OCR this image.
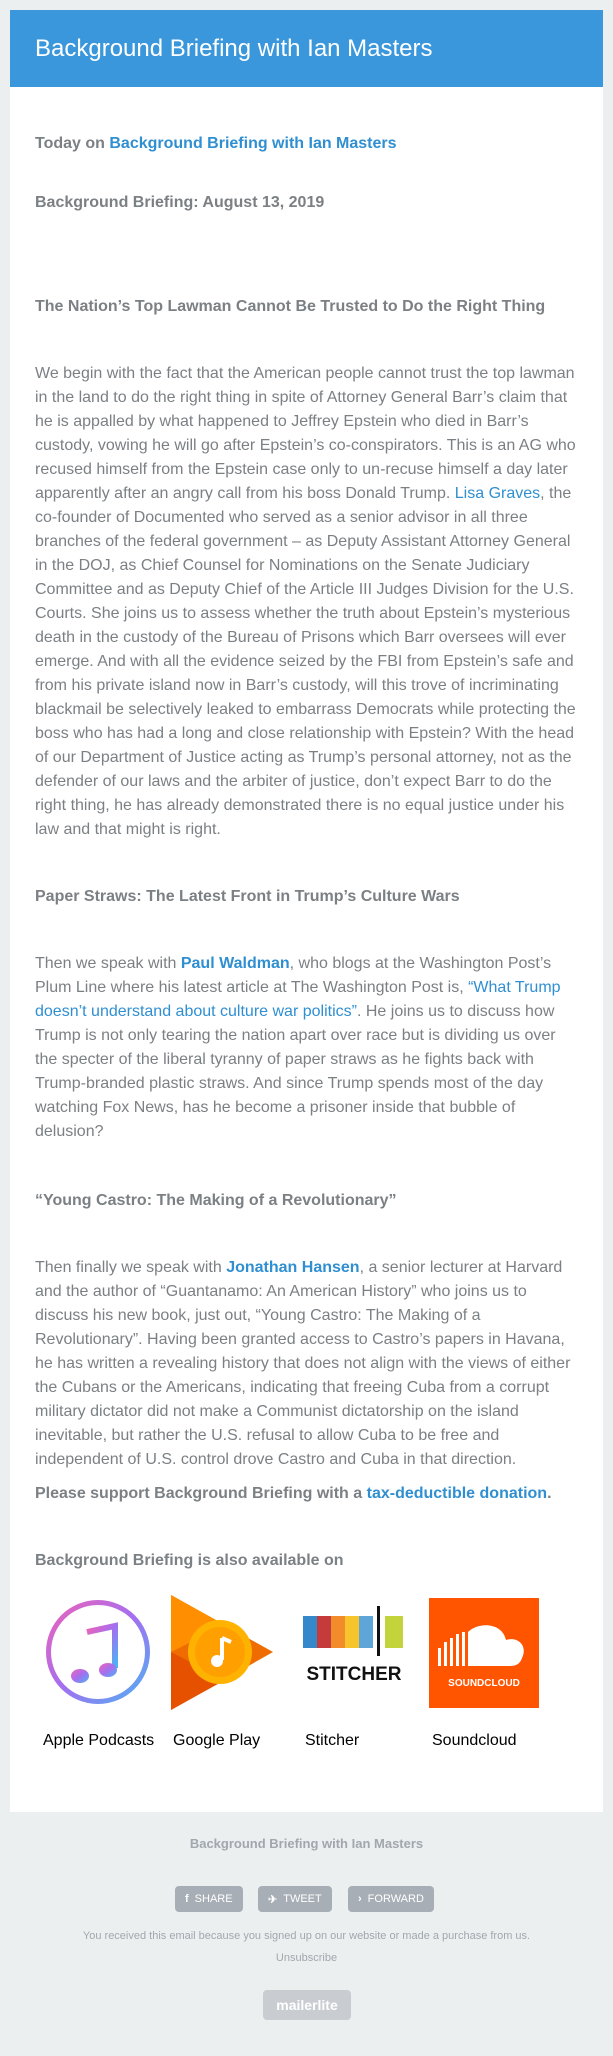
Background Briefing with Ian Masters
Today on Background Briefing with Ian Masters
Background Briefing: August 13, 2019
The Nation’s Top Lawman Cannot Be Trusted to Do the Right Thing
We begin with the fact that the American people cannot trust the top lawman in the land to do the right thing in spite of Attorney General Barr’s claim that he is appalled by what happened to Jeffrey Epstein who died in Barr’s custody, vowing he will go after Epstein’s co-conspirators. This is an AG who recused himself from the Epstein case only to un-recuse himself a day later apparently after an angry call from his boss Donald Trump. Lisa Graves, the co-founder of Documented who served as a senior advisor in all three branches of the federal government – as Deputy Assistant Attorney General in the DOJ, as Chief Counsel for Nominations on the Senate Judiciary Committee and as Deputy Chief of the Article III Judges Division for the U.S. Courts. She joins us to assess whether the truth about Epstein’s mysterious death in the custody of the Bureau of Prisons which Barr oversees will ever emerge. And with all the evidence seized by the FBI from Epstein’s safe and from his private island now in Barr’s custody, will this trove of incriminating blackmail be selectively leaked to embarrass Democrats while protecting the boss who has had a long and close relationship with Epstein? With the head of our Department of Justice acting as Trump’s personal attorney, not as the defender of our laws and the arbiter of justice, don’t expect Barr to do the right thing, he has already demonstrated there is no equal justice under his law and that might is right.
Paper Straws: The Latest Front in Trump’s Culture Wars
Then we speak with Paul Waldman, who blogs at the Washington Post’s Plum Line where his latest article at The Washington Post is, “What Trump doesn’t understand about culture war politics”. He joins us to discuss how Trump is not only tearing the nation apart over race but is dividing us over the specter of the liberal tyranny of paper straws as he fights back with Trump-branded plastic straws. And since Trump spends most of the day watching Fox News, has he become a prisoner inside that bubble of delusion?
“Young Castro: The Making of a Revolutionary”
Then finally we speak with Jonathan Hansen, a senior lecturer at Harvard and the author of “Guantanamo: An American History” who joins us to discuss his new book, just out, “Young Castro: The Making of a Revolutionary”. Having been granted access to Castro’s papers in Havana, he has written a revealing history that does not align with the views of either the Cubans or the Americans, indicating that freeing Cuba from a corrupt military dictator did not make a Communist dictatorship on the island inevitable, but rather the U.S. refusal to allow Cuba to be free and independent of U.S. control drove Castro and Cuba in that direction.
Please support Background Briefing with a tax-deductible donation.
Background Briefing is also available on
Apple Podcasts Google Play
STITCHER
Stitcher
SOUNDCLOUD
Soundcloud
Background Briefing with Ian Masters
f SHARE	✈ TWEET	› FORWARD
You received this email because you signed up on our website or made a purchase from us.
Unsubscribe
mailerlite
